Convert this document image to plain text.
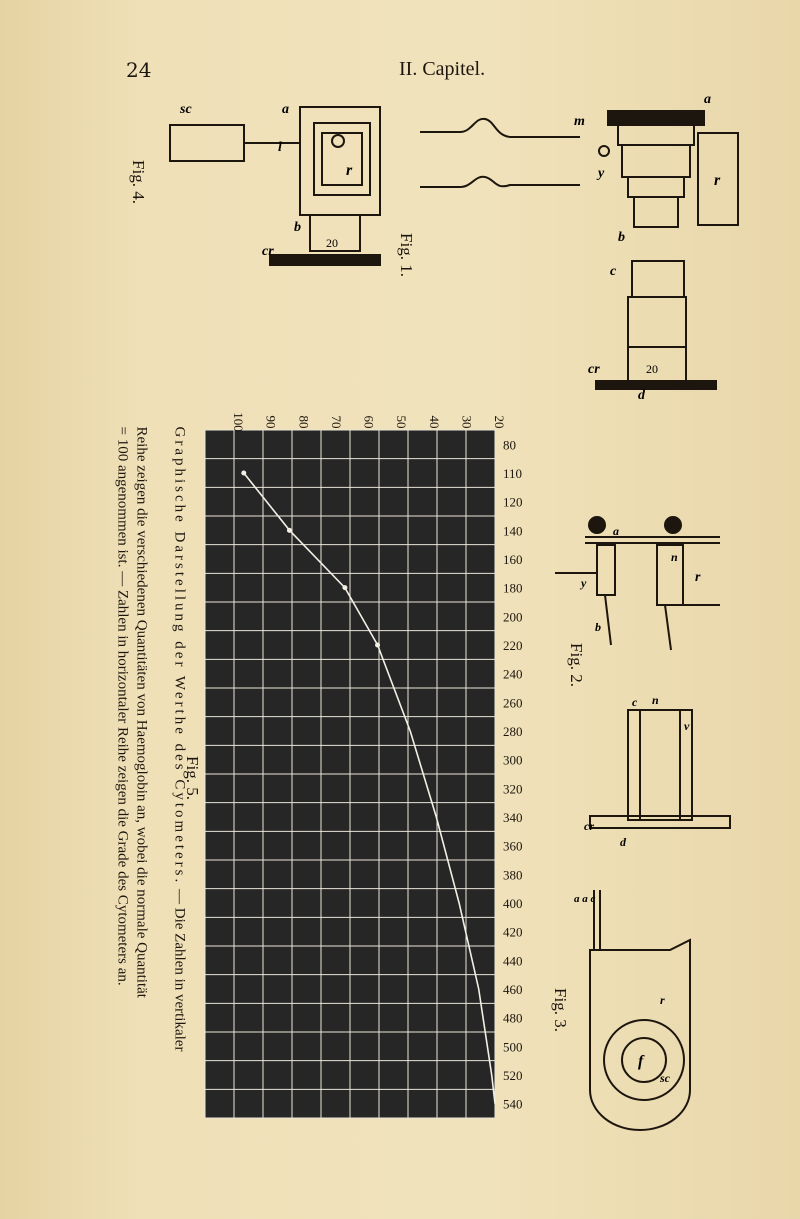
24	II. Capitel.
a
m
y	r
b
c
cr
d
20
a
r
sc
l
b
cr
20
Fig. 4.
Fig. 1.
a
n
r
y
b
Fig. 2.
c n
v
cr
d
a a c
r
f
sc
Fig. 3.
Fig. 5.
Graphische Darstellung der Werthe des Cytometers. — Die Zahlen in vertikaler
Reihe zeigen die verschiedenen Quantitäten von Haemoglobin an, wobei die normale Quantität
= 100 angenommen ist. — Zahlen in horizontaler Reihe zeigen die Grade des Cytometers an.	80
110
120
140
160
180
200
220
240
260
280
300
320
340
360
380
400
420
440
460
480
500
520
540
20
30
40
50
60
70
80
90
100
